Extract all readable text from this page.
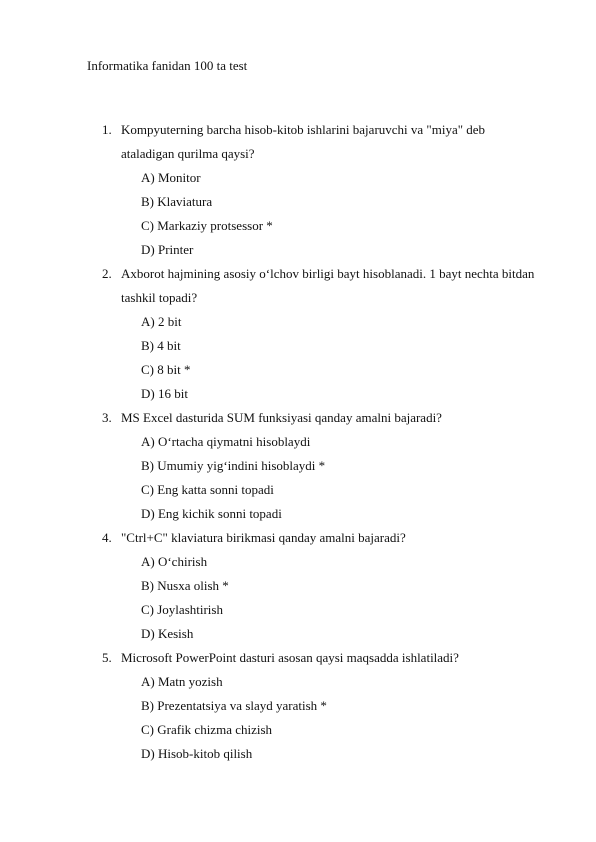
Informatika fanidan 100 ta test
1. Kompyuterning barcha hisob-kitob ishlarini bajaruvchi va "miya" deb ataladigan qurilma qaysi?
A) Monitor
B) Klaviatura
C) Markaziy protsessor *
D) Printer
2. Axborot hajmining asosiy o‘lchov birligi bayt hisoblanadi. 1 bayt nechta bitdan tashkil topadi?
A) 2 bit
B) 4 bit
C) 8 bit *
D) 16 bit
3. MS Excel dasturida SUM funksiyasi qanday amalni bajaradi?
A) O‘rtacha qiymatni hisoblaydi
B) Umumiy yig‘indini hisoblaydi *
C) Eng katta sonni topadi
D) Eng kichik sonni topadi
4. "Ctrl+C" klaviatura birikmasi qanday amalni bajaradi?
A) O‘chirish
B) Nusxa olish *
C) Joylashtirish
D) Kesish
5. Microsoft PowerPoint dasturi asosan qaysi maqsadda ishlatiladi?
A) Matn yozish
B) Prezentatsiya va slayd yaratish *
C) Grafik chizma chizish
D) Hisob-kitob qilish
